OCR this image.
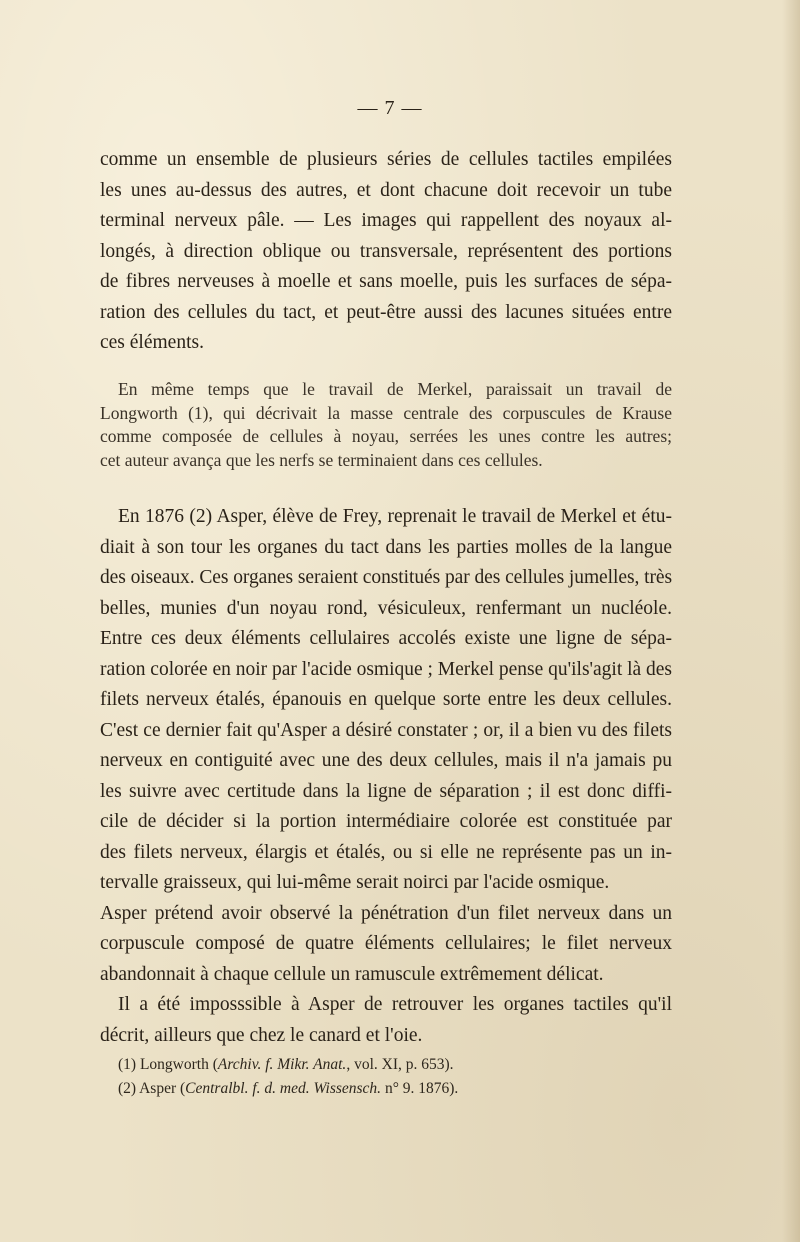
— 7 —
comme un ensemble de plusieurs séries de cellules tactiles empilées
les unes au-dessus des autres, et dont chacune doit recevoir un tube
terminal nerveux pâle. — Les images qui rappellent des noyaux al-
longés, à direction oblique ou transversale, représentent des portions
de fibres nerveuses à moelle et sans moelle, puis les surfaces de sépa-
ration des cellules du tact, et peut-être aussi des lacunes situées entre
ces éléments.
En même temps que le travail de Merkel, paraissait un travail de
Longworth (1), qui décrivait la masse centrale des corpuscules de Krause
comme composée de cellules à noyau, serrées les unes contre les autres;
cet auteur avança que les nerfs se terminaient dans ces cellules.
En 1876 (2) Asper, élève de Frey, reprenait le travail de Merkel et étu-
diait à son tour les organes du tact dans les parties molles de la langue
des oiseaux. Ces organes seraient constitués par des cellules jumelles, très
belles, munies d'un noyau rond, vésiculeux, renfermant un nucléole.
Entre ces deux éléments cellulaires accolés existe une ligne de sépa-
ration colorée en noir par l'acide osmique ; Merkel pense qu'ils'agit là des
filets nerveux étalés, épanouis en quelque sorte entre les deux cellules.
C'est ce dernier fait qu'Asper a désiré constater ; or, il a bien vu des filets
nerveux en contiguité avec une des deux cellules, mais il n'a jamais pu
les suivre avec certitude dans la ligne de séparation ; il est donc diffi-
cile de décider si la portion intermédiaire colorée est constituée par
des filets nerveux, élargis et étalés, ou si elle ne représente pas un in-
tervalle graisseux, qui lui-même serait noirci par l'acide osmique.
Asper prétend avoir observé la pénétration d'un filet nerveux dans un
corpuscule composé de quatre éléments cellulaires; le filet nerveux
abandonnait à chaque cellule un ramuscule extrêmement délicat.
Il a été imposssible à Asper de retrouver les organes tactiles qu'il
décrit, ailleurs que chez le canard et l'oie.
(1) Longworth (Archiv. f. Mikr. Anat., vol. XI, p. 653).
(2) Asper (Centralbl. f. d. med. Wissensch. n° 9. 1876).
